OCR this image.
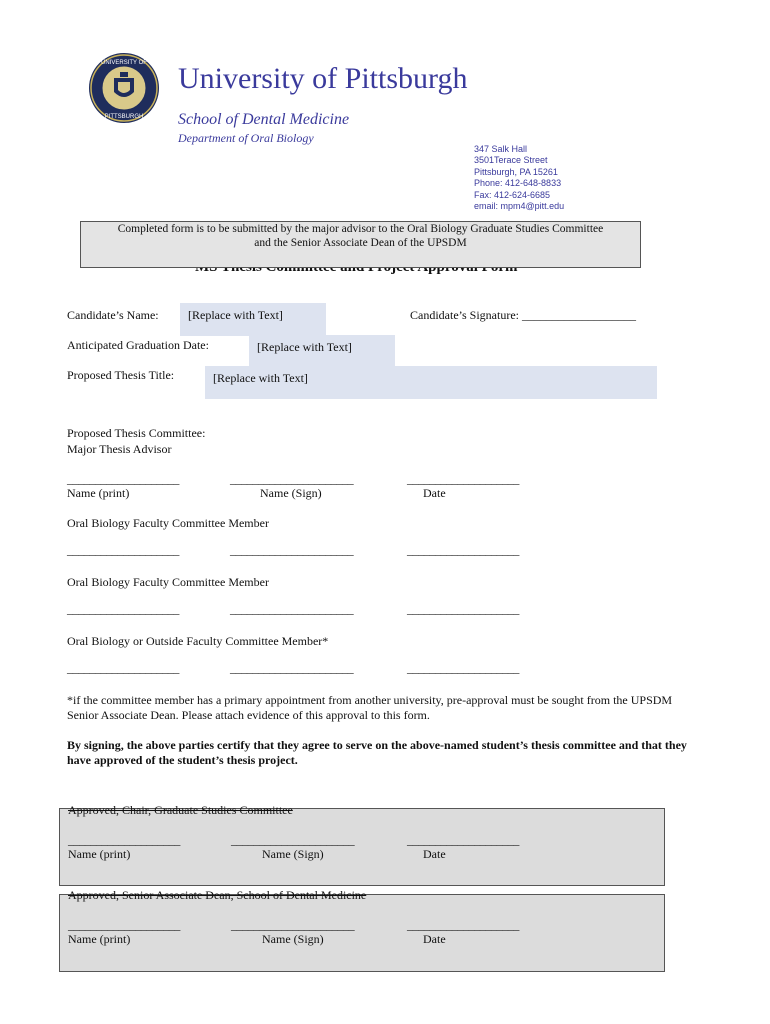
UNIVERSITY OF
PITTSBURGH
University of Pittsburgh
School of Dental Medicine
Department of Oral Biology
347 Salk Hall
3501Terace Street
Pittsburgh, PA 15261
Phone: 412-648-8833
Fax: 412-624-6685
email: mpm4@pitt.edu
Completed form is to be submitted by the major advisor to the Oral Biology Graduate Studies Committee
and the Senior Associate Dean of the UPSDM
Candidate’s Name:	[Replace with Text]	Candidate’s Signature: ___________________
Anticipated Graduation Date:	[Replace with Text]
Proposed Thesis Title:	[Replace with Text]
Proposed Thesis Committee:
Major Thesis Advisor
____________________	______________________	____________________
Name (print)	Name (Sign)	Date
Oral Biology Faculty Committee Member
____________________	______________________	____________________
Oral Biology Faculty Committee Member
____________________	______________________	____________________
Oral Biology or Outside Faculty Committee Member*
____________________	______________________	____________________
*if the committee member has a primary appointment from another university, pre-approval must be sought from the UPSDM Senior Associate Dean. Please attach evidence of this approval to this form.
By signing, the above parties certify that they agree to serve on the above-named student’s thesis committee and that they have approved of the student’s thesis project.
Approved, Chair, Graduate Studies Committee
____________________	______________________	____________________
Name (print)	Name (Sign)	Date
Approved, Senior Associate Dean, School of Dental Medicine
____________________	______________________	____________________
Name (print)	Name (Sign)	Date
